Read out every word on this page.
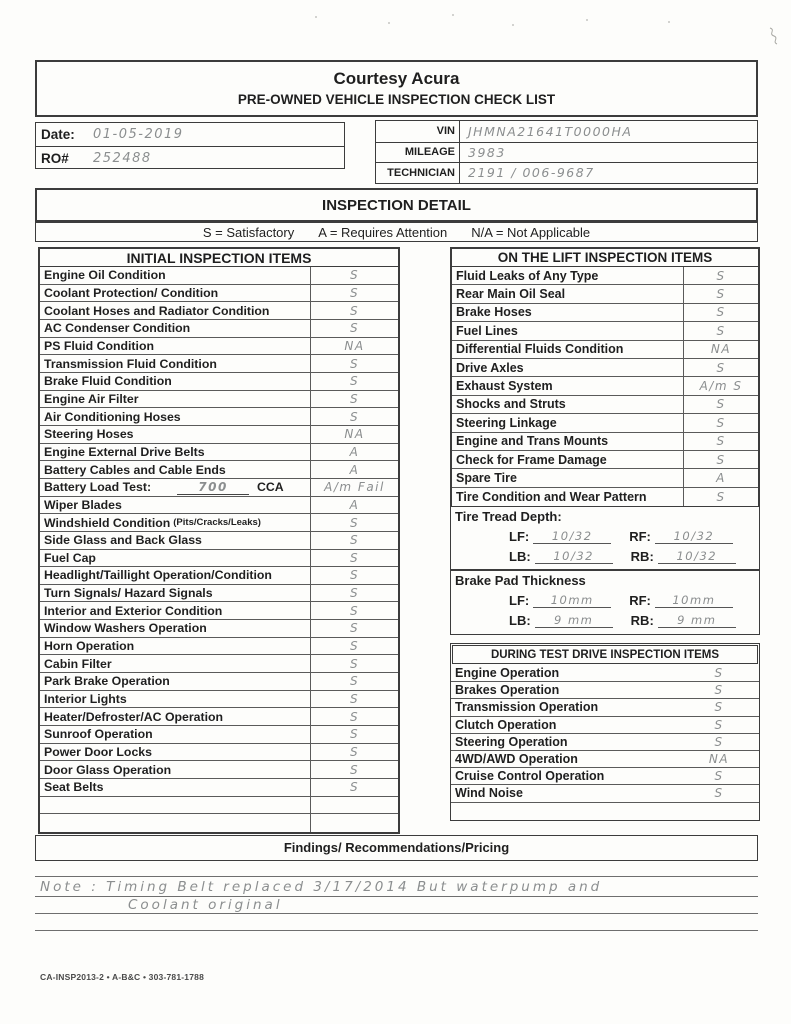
Courtesy Acura
PRE-OWNED VEHICLE INSPECTION CHECK LIST
Date:	01-05-2019
RO#	252488
VIN	JHMNA21641T0000HA
MILEAGE	3983
TECHNICIAN	2191 / 006-9687
INSPECTION DETAIL
S = Satisfactory A = Requires Attention N/A = Not Applicable
INITIAL INSPECTION ITEMS
Engine Oil Condition	S
Coolant Protection/ Condition	S
Coolant Hoses and Radiator Condition	S
AC Condenser Condition	S
PS Fluid Condition	NA
Transmission Fluid Condition	S
Brake Fluid Condition	S
Engine Air Filter	S
Air Conditioning Hoses	S
Steering Hoses	NA
Engine External Drive Belts	A
Battery Cables and Cable Ends	A
Battery Load Test:	700	CCA	A/m Fail
Wiper Blades	A
Windshield Condition (Pits/Cracks/Leaks)	S
Side Glass and Back Glass	S
Fuel Cap	S
Headlight/Taillight Operation/Condition	S
Turn Signals/ Hazard Signals	S
Interior and Exterior Condition	S
Window Washers Operation	S
Horn Operation	S
Cabin Filter	S
Park Brake Operation	S
Interior Lights	S
Heater/Defroster/AC Operation	S
Sunroof Operation	S
Power Door Locks	S
Door Glass Operation	S
Seat Belts	S
ON THE LIFT INSPECTION ITEMS
Fluid Leaks of Any Type	S
Rear Main Oil Seal	S
Brake Hoses	S
Fuel Lines	S
Differential Fluids Condition	NA
Drive Axles	S
Exhaust System	A/m S
Shocks and Struts	S
Steering Linkage	S
Engine and Trans Mounts	S
Check for Frame Damage	S
Spare Tire	A
Tire Condition and Wear Pattern	S
Tire Tread Depth:
LF:	10/32	RF:	10/32
LB:	10/32	RB:	10/32
Brake Pad Thickness
LF:	10mm	RF:	10mm
LB:	9 mm	RB:	9 mm
DURING TEST DRIVE INSPECTION ITEMS
Engine Operation	S
Brakes Operation	S
Transmission Operation	S
Clutch Operation	S
Steering Operation	S
4WD/AWD Operation	NA
Cruise Control Operation	S
Wind Noise	S
Findings/ Recommendations/Pricing
Note : Timing Belt replaced 3/17/2014 But waterpump and
Coolant original
CA-INSP2013-2 • A-B&C • 303-781-1788
